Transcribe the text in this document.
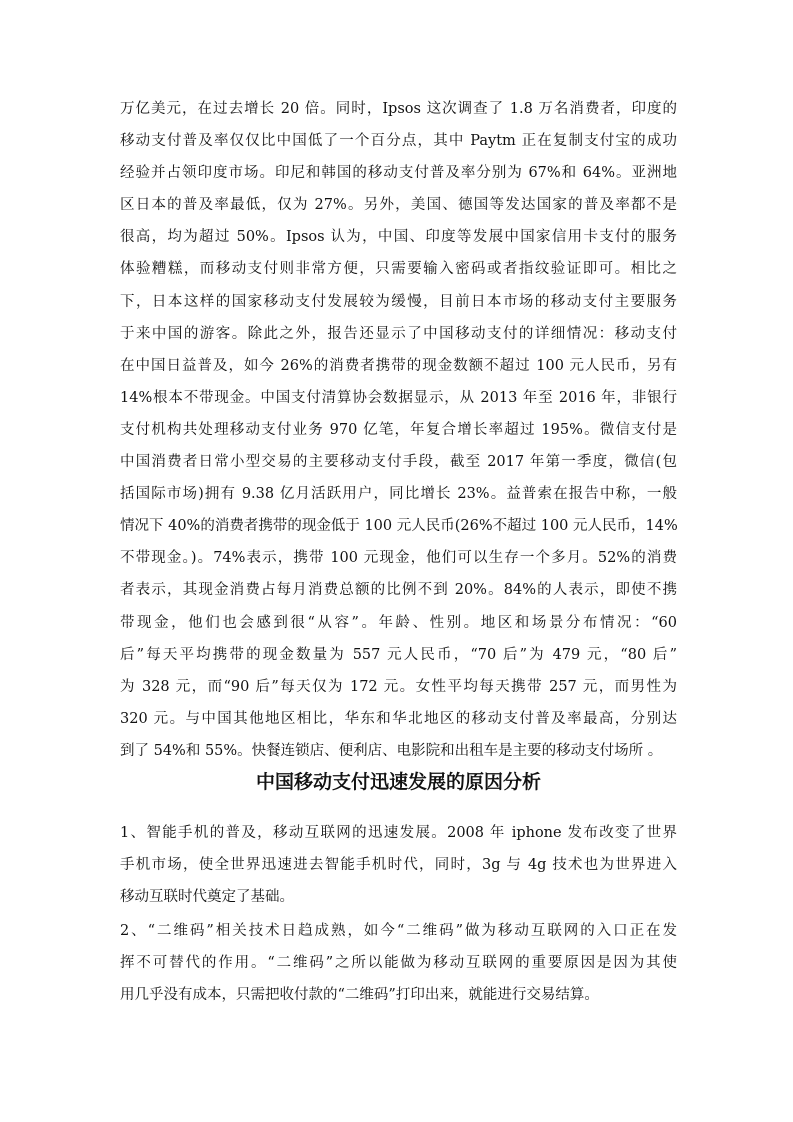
万亿美元，在过去增长 20 倍。同时，Ipsos 这次调查了 1.8 万名消费者，印度的
移动支付普及率仅仅比中国低了一个百分点，其中 Paytm 正在复制支付宝的成功
经验并占领印度市场。印尼和韩国的移动支付普及率分别为 67%和 64%。亚洲地
区日本的普及率最低，仅为 27%。另外，美国、德国等发达国家的普及率都不是
很高，均为超过 50%。Ipsos 认为，中国、印度等发展中国家信用卡支付的服务
体验糟糕，而移动支付则非常方便，只需要输入密码或者指纹验证即可。相比之
下，日本这样的国家移动支付发展较为缓慢，目前日本市场的移动支付主要服务
于来中国的游客。除此之外，报告还显示了中国移动支付的详细情况：移动支付
在中国日益普及，如今 26%的消费者携带的现金数额不超过 100 元人民币，另有
14%根本不带现金。中国支付清算协会数据显示，从 2013 年至 2016 年，非银行
支付机构共处理移动支付业务 970 亿笔，年复合增长率超过 195%。微信支付是
中国消费者日常小型交易的主要移动支付手段，截至 2017 年第一季度，微信(包
括国际市场)拥有 9.38 亿月活跃用户，同比增长 23%。益普索在报告中称，一般
情况下 40%的消费者携带的现金低于 100 元人民币(26%不超过 100 元人民币，14%
不带现金。)。74%表示，携带 100 元现金，他们可以生存一个多月。52%的消费
者表示，其现金消费占每月消费总额的比例不到 20%。84%的人表示，即使不携
带现金，他们也会感到很“从容”。年龄、性别。地区和场景分布情况：“60
后”每天平均携带的现金数量为 557 元人民币，“70 后”为 479 元，“80 后”
为 328 元，而“90 后”每天仅为 172 元。女性平均每天携带 257 元，而男性为
320 元。与中国其他地区相比，华东和华北地区的移动支付普及率最高，分别达
到了 54%和 55%。快餐连锁店、便利店、电影院和出租车是主要的移动支付场所 。
中国移动支付迅速发展的原因分析
1、智能手机的普及，移动互联网的迅速发展。2008 年 iphone 发布改变了世界
手机市场，使全世界迅速进去智能手机时代，同时，3g 与 4g 技术也为世界进入
移动互联时代奠定了基础。
2、“二维码”相关技术日趋成熟，如今“二维码”做为移动互联网的入口正在发
挥不可替代的作用。“二维码”之所以能做为移动互联网的重要原因是因为其使
用几乎没有成本，只需把收付款的“二维码”打印出来，就能进行交易结算。
